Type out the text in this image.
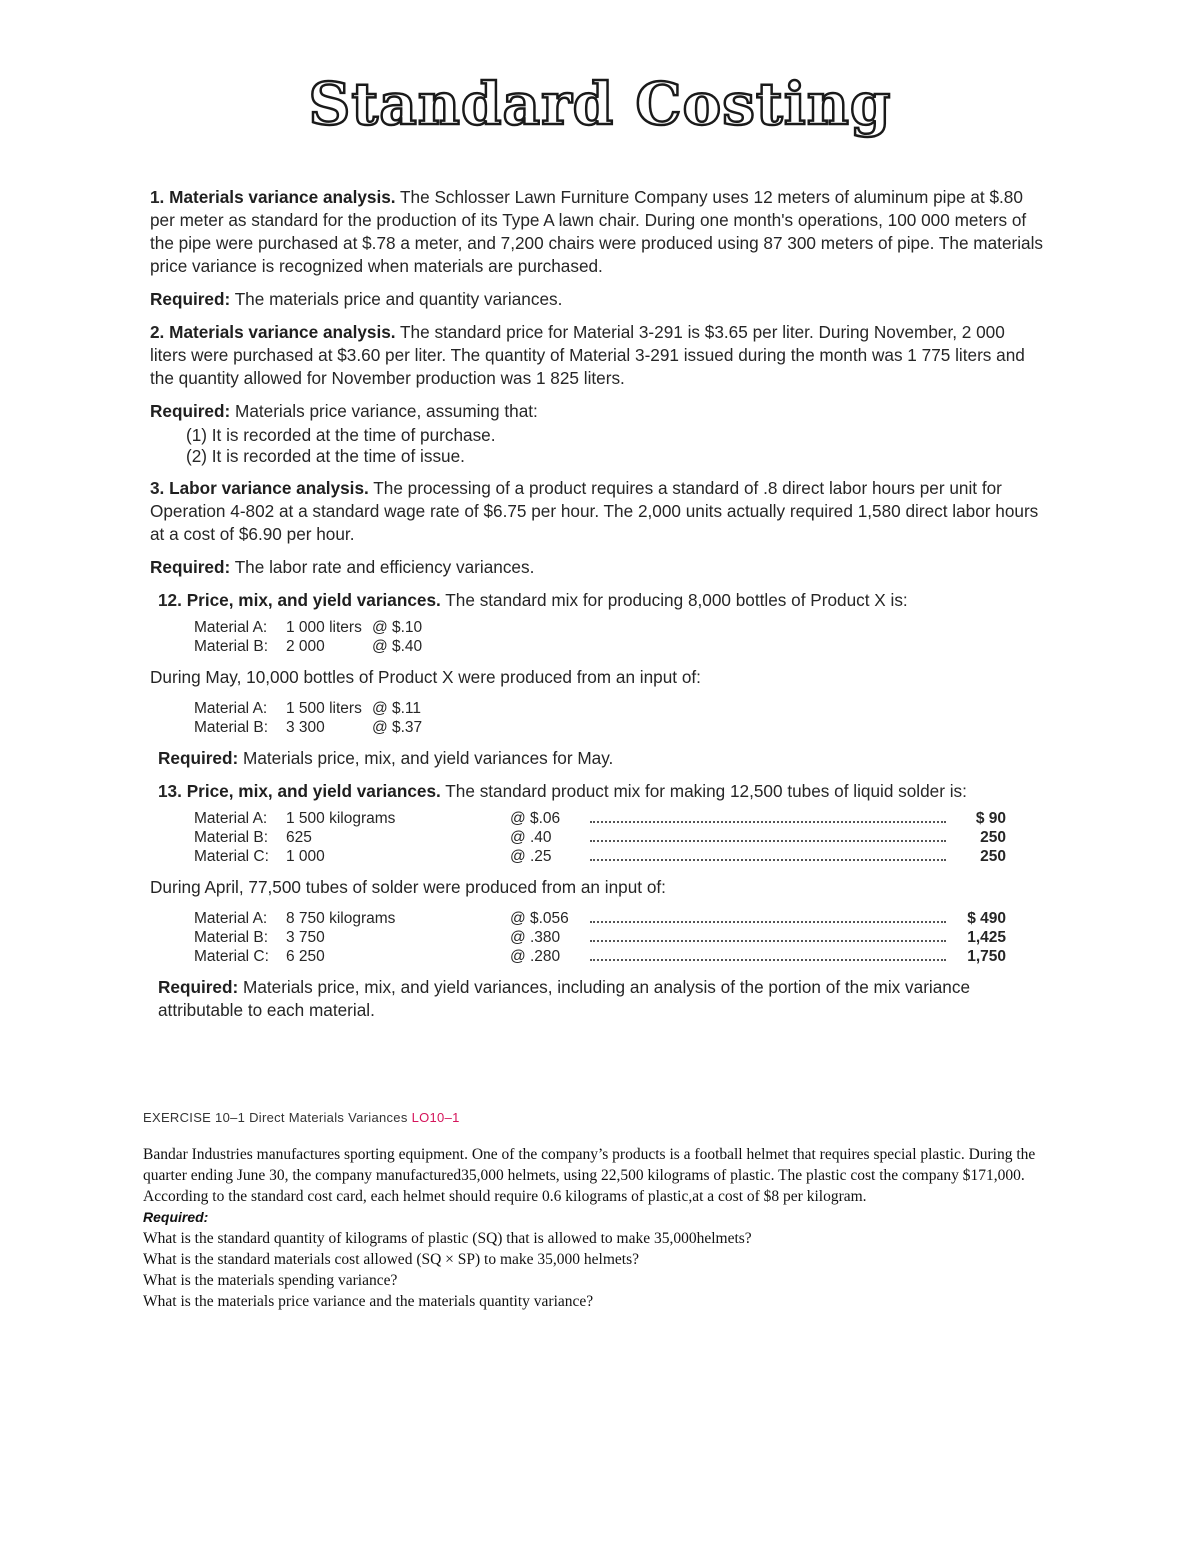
Standard Costing

1. Materials variance analysis. The Schlosser Lawn Furniture Company uses 12 meters of aluminum pipe at $.80 per meter as standard for the production of its Type A lawn chair. During one month's operations, 100 000 meters of the pipe were purchased at $.78 a meter, and 7,200 chairs were produced using 87 300 meters of pipe. The materials price variance is recognized when materials are purchased.

Required: The materials price and quantity variances.

2. Materials variance analysis. The standard price for Material 3-291 is $3.65 per liter. During November, 2 000 liters were purchased at $3.60 per liter. The quantity of Material 3-291 issued during the month was 1 775 liters and the quantity allowed for November production was 1 825 liters.

Required: Materials price variance, assuming that:

(1) It is recorded at the time of purchase.
(2) It is recorded at the time of issue.

3. Labor variance analysis. The processing of a product requires a standard of .8 direct labor hours per unit for Operation 4-802 at a standard wage rate of $6.75 per hour. The 2,000 units actually required 1,580 direct labor hours at a cost of $6.90 per hour.

Required: The labor rate and efficiency variances.

12. Price, mix, and yield variances. The standard mix for producing 8,000 bottles of Product X is:

Material A:	1 000 liters @ $.10
Material B:	2 000	@ $.40

During May, 10,000 bottles of Product X were produced from an input of:

Material A:	1 500 liters @ $.11
Material B:	3 300	@ $.37

Required: Materials price, mix, and yield variances for May.

13. Price, mix, and yield variances. The standard product mix for making 12,500 tubes of liquid solder is:

Material A:	1 500 kilograms	@ $.06	$ 90
Material B:	625	@ .40	250
Material C:	1 000	@ .25	250

During April, 77,500 tubes of solder were produced from an input of:

Material A:	8 750 kilograms	@ $.056	$ 490
Material B:	3 750	@ .380	1,425
Material C:	6 250	@ .280	1,750

Required: Materials price, mix, and yield variances, including an analysis of the portion of the mix variance attributable to each material.

EXERCISE 10–1 Direct Materials Variances LO10–1

Bandar Industries manufactures sporting equipment. One of the company’s products is a football helmet that requires special plastic. During the quarter ending June 30, the company manufactured35,000 helmets, using 22,500 kilograms of plastic. The plastic cost the company $171,000.

According to the standard cost card, each helmet should require 0.6 kilograms of plastic,at a cost of $8 per kilogram.

Required:

What is the standard quantity of kilograms of plastic (SQ) that is allowed to make 35,000helmets?

What is the standard materials cost allowed (SQ × SP) to make 35,000 helmets?

What is the materials spending variance?

What is the materials price variance and the materials quantity variance?
